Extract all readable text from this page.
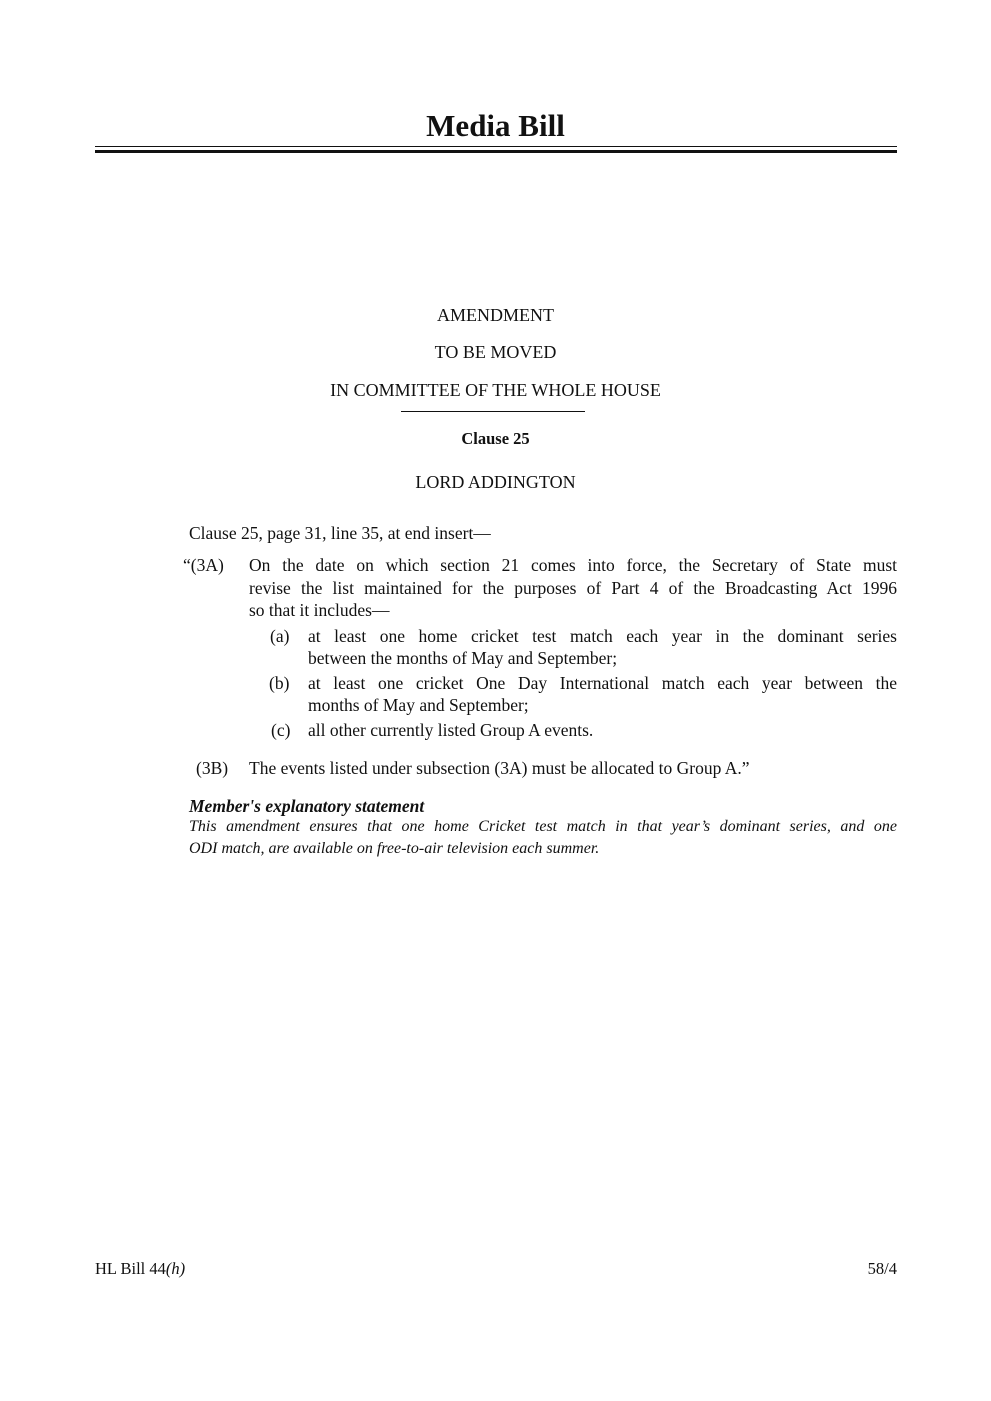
Media Bill
AMENDMENT
TO BE MOVED
IN COMMITTEE OF THE WHOLE HOUSE
Clause 25
LORD ADDINGTON
Clause 25, page 31, line 35, at end insert—
“(3A) On the date on which section 21 comes into force, the Secretary of State must
revise the list maintained for the purposes of Part 4 of the Broadcasting Act 1996
so that it includes—
(a) at least one home cricket test match each year in the dominant series
between the months of May and September;
(b) at least one cricket One Day International match each year between the
months of May and September;
(c) all other currently listed Group A events.
(3B) The events listed under subsection (3A) must be allocated to Group A.”
Member's explanatory statement
This amendment ensures that one home Cricket test match in that year’s dominant series, and one
ODI match, are available on free-to-air television each summer.
HL Bill 44(h)	58/4
